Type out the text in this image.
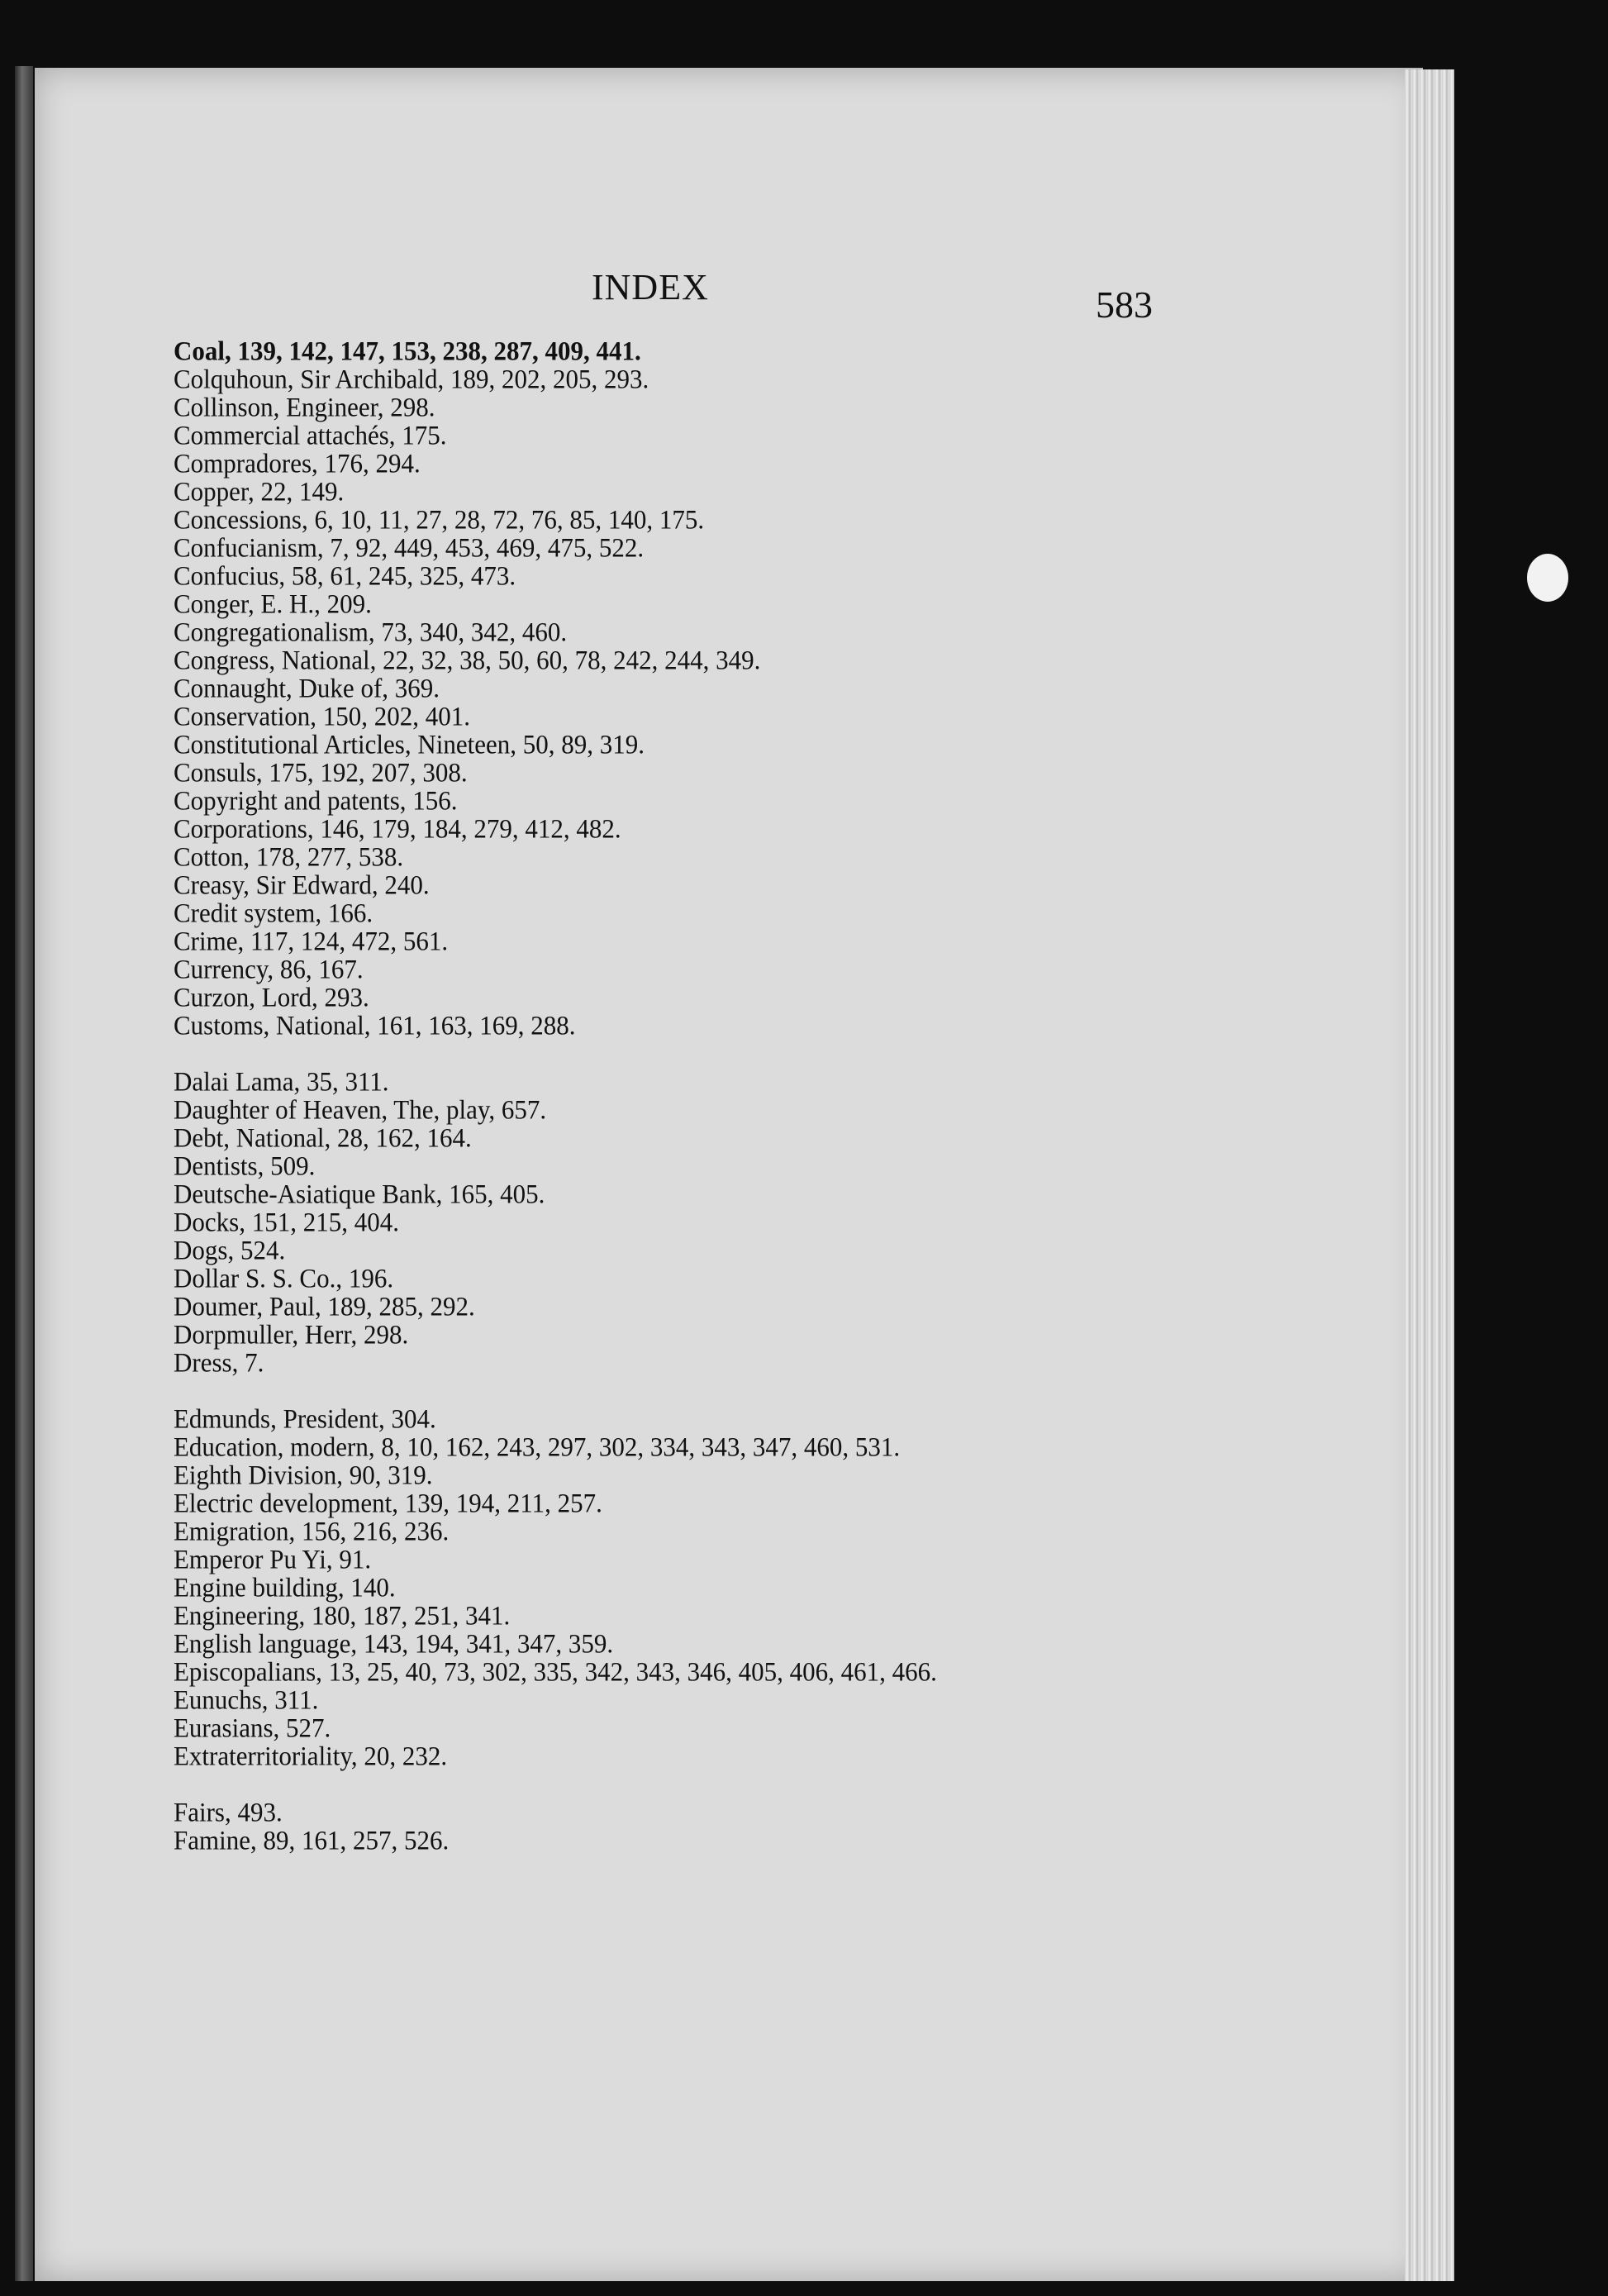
INDEX	583
Coal, 139, 142, 147, 153, 238, 287, 409, 441.
Colquhoun, Sir Archibald, 189, 202, 205, 293.
Collinson, Engineer, 298.
Commercial attachés, 175.
Compradores, 176, 294.
Copper, 22, 149.
Concessions, 6, 10, 11, 27, 28, 72, 76, 85, 140, 175.
Confucianism, 7, 92, 449, 453, 469, 475, 522.
Confucius, 58, 61, 245, 325, 473.
Conger, E. H., 209.
Congregationalism, 73, 340, 342, 460.
Congress, National, 22, 32, 38, 50, 60, 78, 242, 244, 349.
Connaught, Duke of, 369.
Conservation, 150, 202, 401.
Constitutional Articles, Nineteen, 50, 89, 319.
Consuls, 175, 192, 207, 308.
Copyright and patents, 156.
Corporations, 146, 179, 184, 279, 412, 482.
Cotton, 178, 277, 538.
Creasy, Sir Edward, 240.
Credit system, 166.
Crime, 117, 124, 472, 561.
Currency, 86, 167.
Curzon, Lord, 293.
Customs, National, 161, 163, 169, 288.
Dalai Lama, 35, 311.
Daughter of Heaven, The, play, 657.
Debt, National, 28, 162, 164.
Dentists, 509.
Deutsche-Asiatique Bank, 165, 405.
Docks, 151, 215, 404.
Dogs, 524.
Dollar S. S. Co., 196.
Doumer, Paul, 189, 285, 292.
Dorpmuller, Herr, 298.
Dress, 7.
Edmunds, President, 304.
Education, modern, 8, 10, 162, 243, 297, 302, 334, 343, 347, 460, 531.
Eighth Division, 90, 319.
Electric development, 139, 194, 211, 257.
Emigration, 156, 216, 236.
Emperor Pu Yi, 91.
Engine building, 140.
Engineering, 180, 187, 251, 341.
English language, 143, 194, 341, 347, 359.
Episcopalians, 13, 25, 40, 73, 302, 335, 342, 343, 346, 405, 406, 461, 466.
Eunuchs, 311.
Eurasians, 527.
Extraterritoriality, 20, 232.
Fairs, 493.
Famine, 89, 161, 257, 526.
